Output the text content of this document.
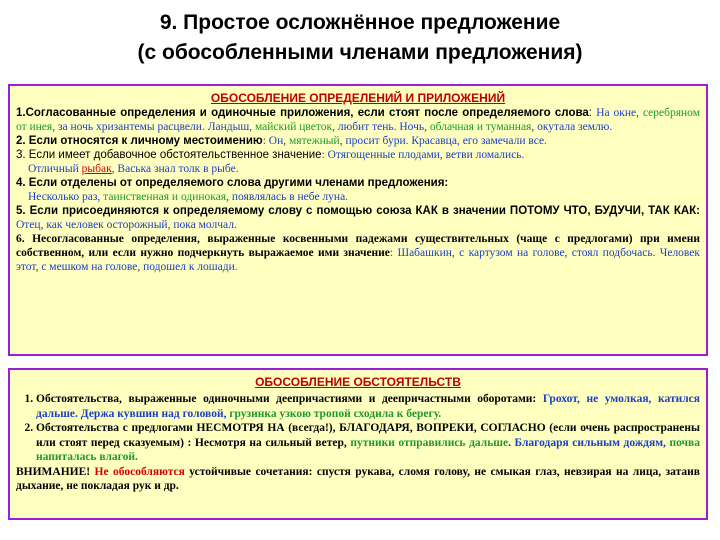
9. Простое осложнённое предложение
(с обособленными членами предложения)
ОБОСОБЛЕНИЕ ОПРЕДЕЛЕНИЙ И ПРИЛОЖЕНИЙ

1.Согласованные определения и одиночные приложения, если стоят после определяемого слова: На окне, серебряном от инея, за ночь хризантемы расцвели. Ландыш, майский цветок, любит тень. Ночь, облачная и туманная, окутала землю.

2. Если относятся к личному местоимению: Он, мятежный, просит бури. Красавца, его замечали все.

3. Если имеет добавочное обстоятельственное значение: Отягощенные плодами, ветви ломались.

Отличный рыбак, Васька знал толк в рыбе.

4. Если отделены от определяемого слова другими членами предложения:

Несколько раз, таинственная и одинокая, появлялась в небе луна.

5. Если присоединяются к определяемому слову с помощью союза КАК в значении ПОТОМУ ЧТО, БУДУЧИ, ТАК КАК: Отец, как человек осторожный, пока молчал.

6. Несогласованные определения, выраженные косвенными падежами существительных (чаще с предлогами) при имени собственном, или если нужно подчеркнуть выражаемое ими значение: Шабашкин, с картузом на голове, стоял подбочась. Человек этот, с мешком на голове, подошел к лошади.

ОБОСОБЛЕНИЕ ОБСТОЯТЕЛЬСТВ
1. Обстоятельства, выраженные одиночными деепричастиями и деепричастными оборотами: Грохот, не умолкая, катился дальше. Держа кувшин над головой, грузинка узкою тропой сходила к берегу.
2. Обстоятельства с предлогами НЕСМОТРЯ НА (всегда!), БЛАГОДАРЯ, ВОПРЕКИ, СОГЛАСНО (если очень распространены или стоят перед сказуемым) : Несмотря на сильный ветер, путники отправились дальше. Благодаря сильным дождям, почва напиталась влагой.

ВНИМАНИЕ! Не обособляются устойчивые сочетания: спустя рукава, сломя голову, не смыкая глаз, невзирая на лица, затаив дыхание, не покладая рук и др.
